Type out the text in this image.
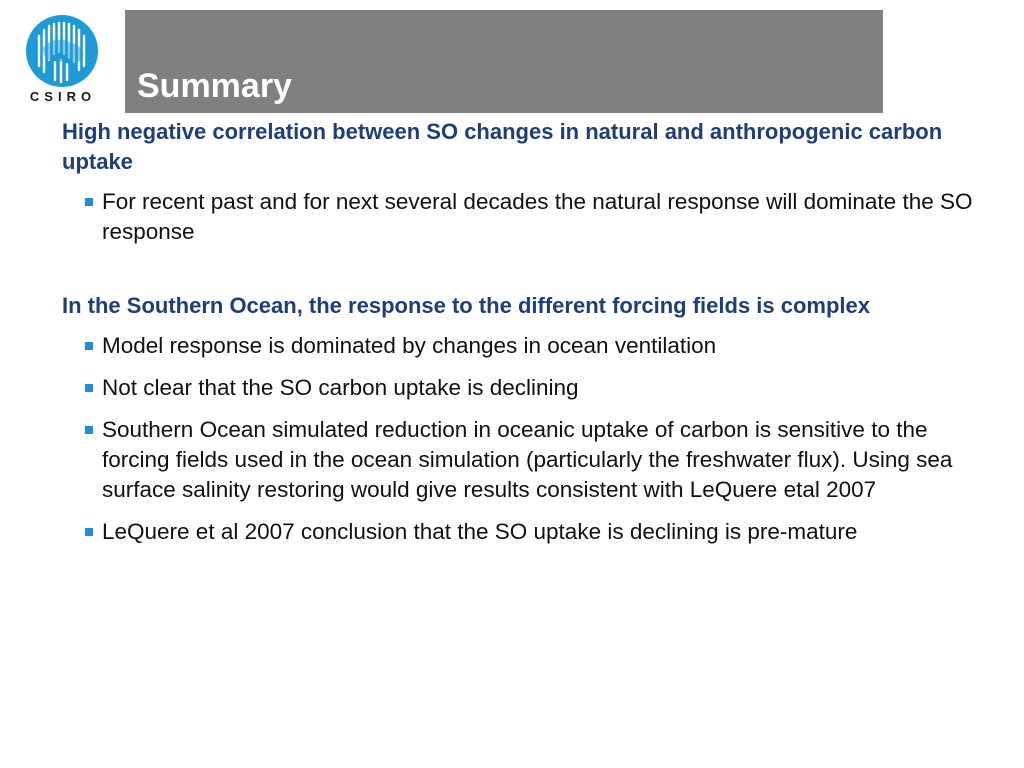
CSIRO	Summary

High negative correlation between SO changes in natural and anthropogenic carbon uptake

For recent past and for next several decades the natural response will dominate the SO response

In the Southern Ocean, the response to the different forcing fields is complex

Model response is dominated by changes in ocean ventilation
Not clear that the SO carbon uptake is declining
Southern Ocean simulated reduction in oceanic uptake of carbon is sensitive to the forcing fields used in the ocean simulation (particularly the freshwater flux). Using sea surface salinity restoring would give results consistent with LeQuere etal 2007
LeQuere et al 2007 conclusion that the SO uptake is declining is pre-mature
